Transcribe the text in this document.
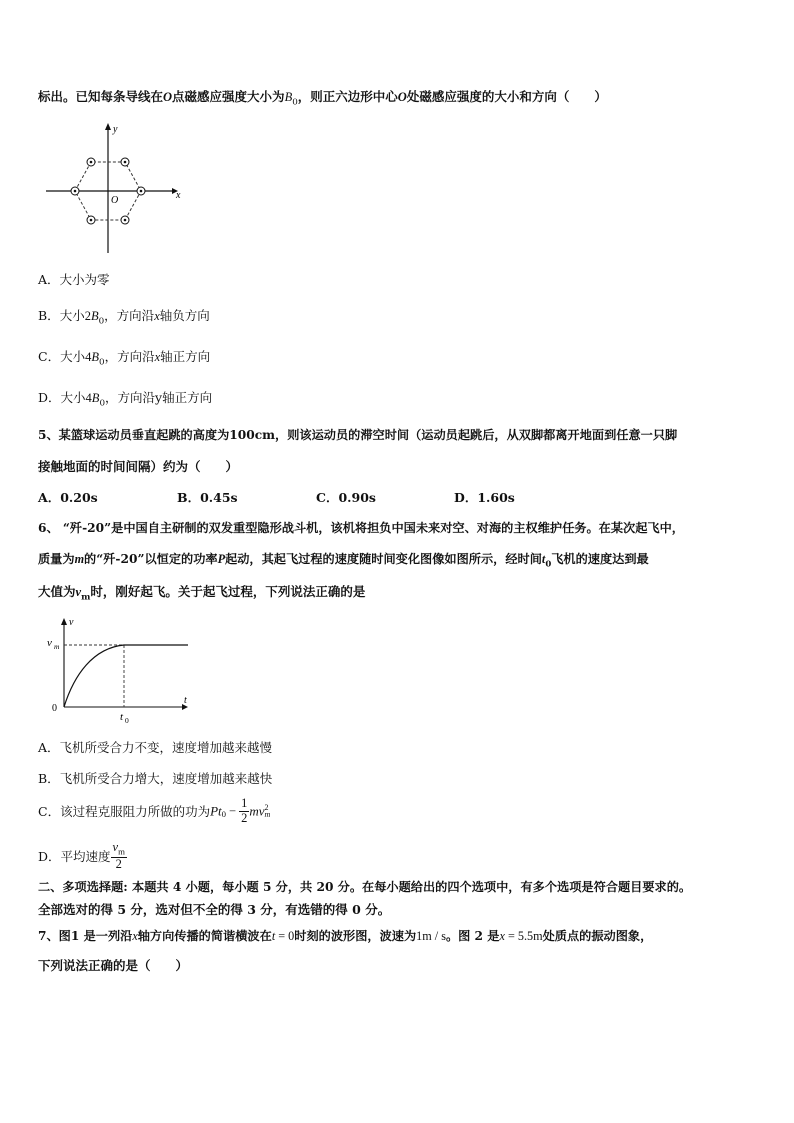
标出。已知每条导线在O点磁感应强度大小为$B_0$，则正六边形中心O处磁感应强度的大小和方向（　　）
x
y
O
A．大小为零
B．大小$2B_0$，方向沿x轴负方向
C．大小$4B_0$，方向沿x轴正方向
D．大小$4B_0$，方向沿y轴正方向
5、某篮球运动员垂直起跳的高度为100cm，则该运动员的滞空时间（运动员起跳后，从双脚都离开地面到任意一只脚
接触地面的时间间隔）约为（　　）
A．0.20s	B．0.45s	C．0.90s	D．1.60s
6、 “歼-20”是中国自主研制的双发重型隐形战斗机，该机将担负中国未来对空、对海的主权维护任务。在某次起飞中，
质量为m的“歼-20”以恒定的功率P起动，其起飞过程的速度随时间变化图像如图所示，经时间$t_0$飞机的速度达到最
大值为$v_m$时，刚好起飞。关于起飞过程，下列说法正确的是
v
t
0
v m
t 0
A．飞机所受合力不变，速度增加越来越慢
B．飞机所受合力增大，速度增加越来越快
C．该过程克服阻力所做的功为$Pt_0 - \frac{1}{2}$ mv 2
m
D．平均速度 $\frac{v_m}{2}$
二、多项选择题: 本题共 4 小题，每小题 5 分，共 20 分。在每小题给出的四个选项中，有多个选项是符合题目要求的。
全部选对的得 5 分，选对但不全的得 3 分，有选错的得 0 分。
7、图1 是一列沿x轴方向传播的简谐横波在t = 0时刻的波形图，波速为1m / s。图 2 是x = 5.5m处质点的振动图象，
下列说法正确的是（　　）
